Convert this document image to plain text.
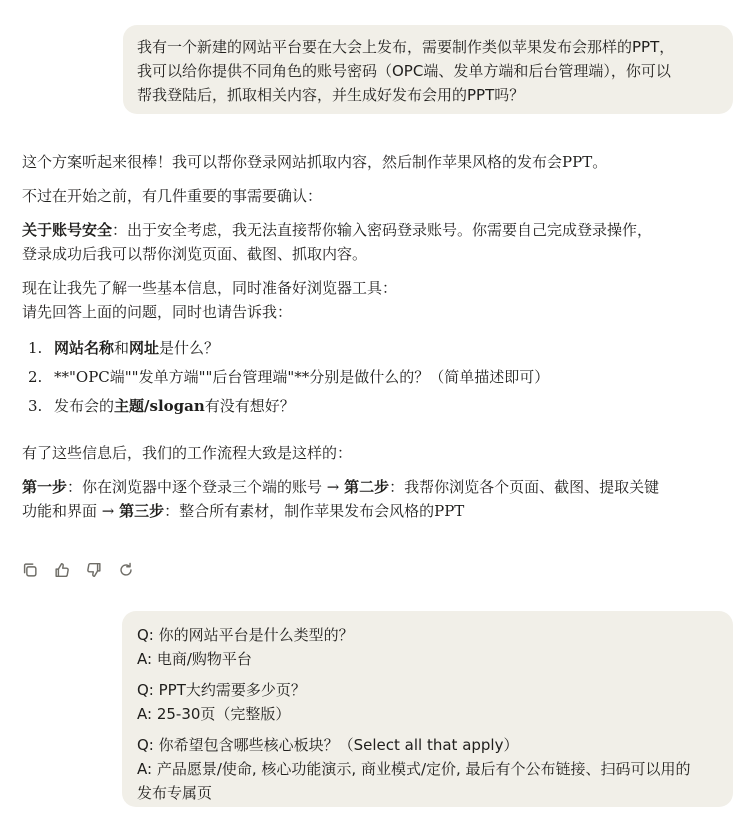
我有一个新建的网站平台要在大会上发布，需要制作类似苹果发布会那样的PPT，
我可以给你提供不同角色的账号密码（OPC端、发单方端和后台管理端），你可以
帮我登陆后，抓取相关内容，并生成好发布会用的PPT吗？

这个方案听起来很棒！我可以帮你登录网站抓取内容，然后制作苹果风格的发布会PPT。

不过在开始之前，有几件重要的事需要确认：

关于账号安全：出于安全考虑，我无法直接帮你输入密码登录账号。你需要自己完成登录操作，
登录成功后我可以帮你浏览页面、截图、抓取内容。

现在让我先了解一些基本信息，同时准备好浏览器工具：
请先回答上面的问题，同时也请告诉我：

1. 网站名称和网址是什么？
2. **"OPC端""发单方端""后台管理端"**分别是做什么的？（简单描述即可）
3. 发布会的主题/slogan有没有想好？

有了这些信息后，我们的工作流程大致是这样的：

第一步：你在浏览器中逐个登录三个端的账号 → 第二步：我帮你浏览各个页面、截图、提取关键
功能和界面 → 第三步：整合所有素材，制作苹果发布会风格的PPT

Q: 你的网站平台是什么类型的？
A: 电商/购物平台
Q: PPT大约需要多少页？
A: 25-30页（完整版）
Q: 你希望包含哪些核心板块？（Select all that apply）
A: 产品愿景/使命, 核心功能演示, 商业模式/定价, 最后有个公布链接、扫码可以用的
发布专属页
